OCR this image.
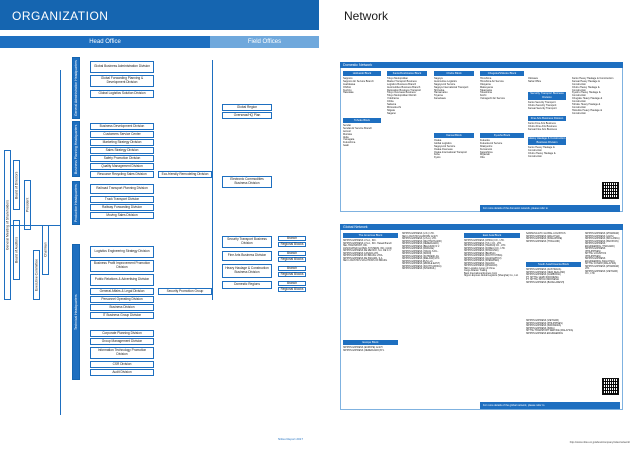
ORGANIZATION	Network
Head Office	Field Offices
General Meeting of Shareholders
Board of Auditors
Board of Directors
President
Executive Committee
Chairman
General Administration Headquarters
Business Planning Headquarters
Production Headquarters
Technical Headquarters
Global Business Administration Division
Global Forwarding Planning & Development Division
Global Logistics Solution Division
Business Development Division
Customers Service Center
Marketing Strategy Division
Sales Strategy Division
Safety Promotion Division
Quality Management Division
Resource Recycling Sales Division	Eco-friendly Remodeling Division
Railroad Transport Planning Division
Truck Transport Division
Railway Forwarding Division
Moving Sales Division
Logistics Engineering Strategy Division
Business Profit Improvement Promotion Division
Public Relations & Advertising Division
General Affairs & Legal Division
Personnel Operating Division
Business Division
IT Business Group Division
Security Promotion Group
Corporate Planning Division
Group Management Division
Information Technology Promotion Division
CSR Division
Audit Division
Global Region
Overseas/HQ Plan
Electronic Commodities Business Division
Security Transport Business Division
Fine Arts Business Division
Heavy Haulage & Construction Business Division
Domestic Regions
Branch
Regional Blocks
Branch
Regional Blocks
Branch
Regional Blocks
Branch
Regional Blocks
Nittsu Report 2017
Domestic Network
Hokkaido Block
Sapporo
Sapporo Air Service Branch
Asahikawa
Obihiro
Kushiro
Hakodate
Tohoku Block
Sendai
Sendai Air Service Branch
Aomori
Morioka
Akita
Yamagata
Fukushima
Iwaki
Kanto/Koshinetsu Block
Tokyo Metropolitan
Market Transport Business
Logistics Business Branch
Automobiles Business Branch
Relocation Business Transport
Tokyo Overseas Business
Tokyo Metropolitan District
Yokohama
Chiba
Saitama
Mizonokuchi
Niigata
Nagano
Chubu Block
Nagoya
Automotive Logistics
Nagoya Air Service
Nagoya International Transport
Shizuoka
Hamamatsu
Toyama
Kanazawa
Kansai Block
Osaka
Global Logistics
Nagoya Air Service
Osaka Overseas
Osaka International Transport
Kobe
Kyoto
Chugoku/Shikoku Block
Hiroshima
Hiroshima Air Service
Okayama
Matsuyama
Takamatsu
Tokushima
Kochi
Yamaguchi Air Service
Kyushu Block
Fukuoka
Fukuoka Air Service
Kitakyushu
Kumamoto
Kagoshima
Miyazaki
Oita
Okinawa
Naha Office
Security Transport Business Division
Kanto Security Transport
Chubu Security Transport
Kansai Security Transport
Fine Arts Business Division
Kanto Fine Arts Business
Chubu Fine Arts Business
Kansai Fine Arts Business
Heavy Haulage & Construction Business Division
Kanto Heavy Haulage & Construction
Chubu Heavy Haulage & Construction
Kanto Heavy Haulage & Construction
Kansai Heavy Haulage & Construction
Chubu Heavy Haulage & Construction
Kyushu Heavy Haulage & Construction
Chugoku Heavy Haulage & Construction
Tohoku Heavy Haulage & Construction
Hokuriku Heavy Haulage & Construction
For more details of the domestic network, please refer to
Global Network
The Americas Block
NIPPON EXPRESS U.S.A., INC.
NIPPON EXPRESS U.S.A., INC. Hawaii Branch
NEL TRANSPORT, INC.
ASSOCIATED GLOBAL SYSTEMS, INC. (AGS)
NIPPON EXPRESS DE MEXICO, S.A. DE C.V.
NIPPON EXPRESS CANADA LTD.
NIPPON EXPRESS DO BRASIL LTDA.
NIPPON EXPRESS DE PANAMA, S.A.
NEC LOGISTICS SOLUTIONS OF BRAZIL
Europe Block
NIPPON EXPRESS (EUROPE) GmbH
NIPPON EXPRESS (NEDERLAND) B.V.
NIPPON EXPRESS (U.K.) LTD.
NEC LOGISTICS EUROPE GmbH
NIPPON EXPRESS (U.S.A.) LTD.
NIPPON EXPRESS (DEUTSCHLAND)
NIPPON EXPRESS (NEDERLAND)
NIPPON EXPRESS (BELGIUM) N.V.
NIPPON EXPRESS (FRANCE)
NIPPON EXPRESS (ITALIA) S.R.L.
NIPPON EXPRESS (SPAIN)
NIPPON EXPRESS (SCHWEIZ) AG
NIPPON EXPRESS (IRELAND) LTD.
NIPPON EXPRESS RUS LLC
NIPPON EXPRESS (MIDDLE EAST)
NIPPON EXPRESS (SOUTH AFRICA)
NIPPON EXPRESS (ISTANBUL)
East Asia Block
NIPPON EXPRESS (CHINA) CO., LTD.
NIPPON EXPRESS (H.K.) CO., LTD.
NIPPON EXPRESS (TAIWAN) CO., LTD.
NIPPON EXPRESS (KOREA) CO., LTD.
NIPPON EXPRESS (SHANGHAI)
NIPPON EXPRESS (BEIJING)
NIPPON EXPRESS (SOUTH CHINA)
NIPPON EXPRESS (GUANGZHOU)
NIPPON EXPRESS (SHENZHEN)
NIPPON EXPRESS (DALIAN)
NIPPON EXPRESS (QINGDAO)
NEC Logistics Group of China
Cargo Aviation Trading
Bank International Express Corp
Nippon Express Global Logistics (Shanghai) Co., Ltd.
SAMSUNG ETC GLOBAL LOGISTICS
NIPPON EXPRESS (MALAYSIA)
NIPPON EXPRESS (SINGAPORE)
NIPPON EXPRESS (THAILAND)
South Asia/Oceania Block
NIPPON EXPRESS (AUSTRALIA)
NIPPON EXPRESS (NEW ZEALAND)
NIPPON EXPRESS (CAMBODIA)
PT. NITTSU LEMO INDONESIA
PT. NITTSU SHOJI INDONESIA
NIPPON EXPRESS (BANGLADESH)
NIPPON EXPRESS (VIETNAM)
NIPPON EXPRESS (PHILIPPINES)
NIPPON EXPRESS (INDONESIA)
NIPPON EXPRESS (INDIA)
NITTSU TRANSPORT SERVICE (MALAYSIA)
NIPPON EXPRESS ENGINEERING
NIPPON EXPRESS (MYANMAR)
NIPPON EXPRESS (LAOS)
NIPPON EXPRESS (SRI LANKA)
NIPPON EXPRESS (PAKISTAN)
NIPPON EXPRESS ENGINEERING (THAILAND)
NIPPON EXPRESS (PHILIPPINES)
NITTSU LOGISTICS (PHILIPPINES)
NIPPON EXPRESS ENGINEERING (MALAYSIA)
NITTSU COSMO (MALAYSIA)
NIPPON EXPRESS (MYANMAR) LTD.
NIPPON EXPRESS (VIETNAM) CO., LTD.
For more details of the global network, please refer to
http://www.nittsu.co.jp/about/companyindex/network/
